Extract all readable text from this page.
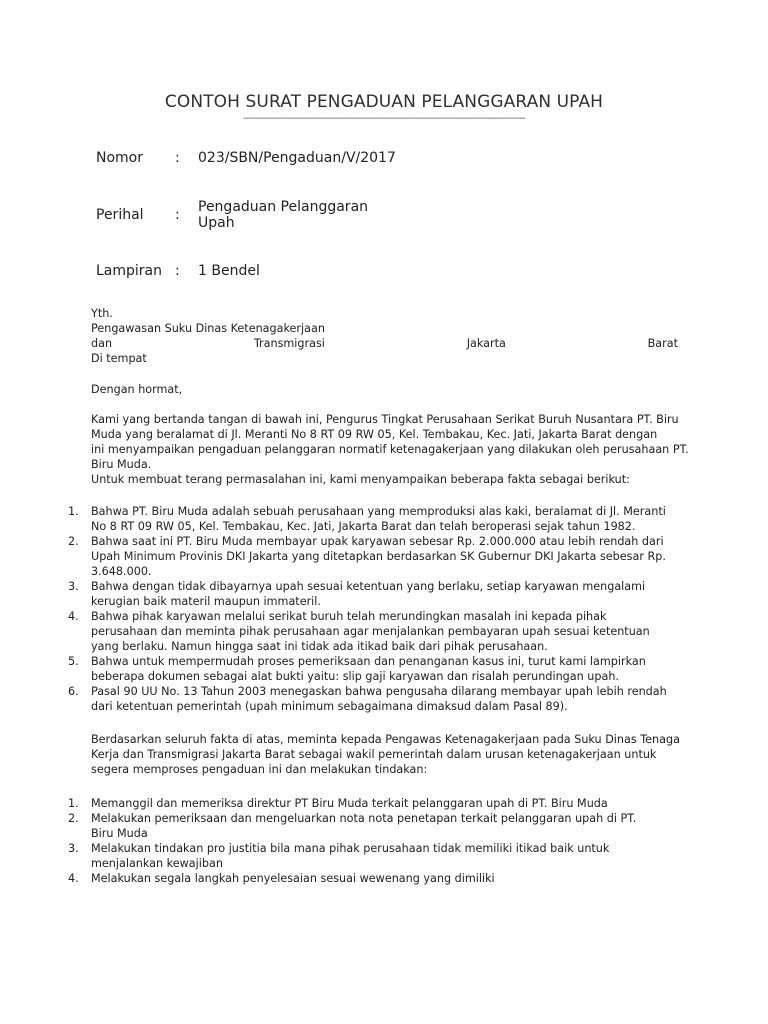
CONTOH SURAT PENGADUAN PELANGGARAN UPAH
-------------------------------------------------------------------------------------------------
Nomor : 023/SBN/Pengaduan/V/2017
Perihal : Pengaduan Pelanggaran
Upah
Lampiran : 1 Bendel
Yth.
Pengawasan Suku Dinas Ketenagakerjaan
dan	Transmigrasi	Jakarta	Barat
Di tempat
Dengan hormat,
Kami yang bertanda tangan di bawah ini, Pengurus Tingkat Perusahaan Serikat Buruh Nusantara PT. Biru
Muda yang beralamat di Jl. Meranti No 8 RT 09 RW 05, Kel. Tembakau, Kec. Jati, Jakarta Barat dengan
ini menyampaikan pengaduan pelanggaran normatif ketenagakerjaan yang dilakukan oleh perusahaan PT.
Biru Muda.
Untuk membuat terang permasalahan ini, kami menyampaikan beberapa fakta sebagai berikut:
1. Bahwa PT. Biru Muda adalah sebuah perusahaan yang memproduksi alas kaki, beralamat di Jl. Meranti
No 8 RT 09 RW 05, Kel. Tembakau, Kec. Jati, Jakarta Barat dan telah beroperasi sejak tahun 1982.
2. Bahwa saat ini PT. Biru Muda membayar upak karyawan sebesar Rp. 2.000.000 atau lebih rendah dari
Upah Minimum Provinis DKI Jakarta yang ditetapkan berdasarkan SK Gubernur DKI Jakarta sebesar Rp.
3.648.000.
3. Bahwa dengan tidak dibayarnya upah sesuai ketentuan yang berlaku, setiap karyawan mengalami
kerugian baik materil maupun immateril.
4. Bahwa pihak karyawan melalui serikat buruh telah merundingkan masalah ini kepada pihak
perusahaan dan meminta pihak perusahaan agar menjalankan pembayaran upah sesuai ketentuan
yang berlaku. Namun hingga saat ini tidak ada itikad baik dari pihak perusahaan.
5. Bahwa untuk mempermudah proses pemeriksaan dan penanganan kasus ini, turut kami lampirkan
beberapa dokumen sebagai alat bukti yaitu: slip gaji karyawan dan risalah perundingan upah.
6. Pasal 90 UU No. 13 Tahun 2003 menegaskan bahwa pengusaha dilarang membayar upah lebih rendah
dari ketentuan pemerintah (upah minimum sebagaimana dimaksud dalam Pasal 89).
Berdasarkan seluruh fakta di atas, meminta kepada Pengawas Ketenagakerjaan pada Suku Dinas Tenaga
Kerja dan Transmigrasi Jakarta Barat sebagai wakil pemerintah dalam urusan ketenagakerjaan untuk
segera memproses pengaduan ini dan melakukan tindakan:
1. Memanggil dan memeriksa direktur PT Biru Muda terkait pelanggaran upah di PT. Biru Muda
2. Melakukan pemeriksaan dan mengeluarkan nota nota penetapan terkait pelanggaran upah di PT.
Biru Muda
3. Melakukan tindakan pro justitia bila mana pihak perusahaan tidak memiliki itikad baik untuk
menjalankan kewajiban
4. Melakukan segala langkah penyelesaian sesuai wewenang yang dimiliki
